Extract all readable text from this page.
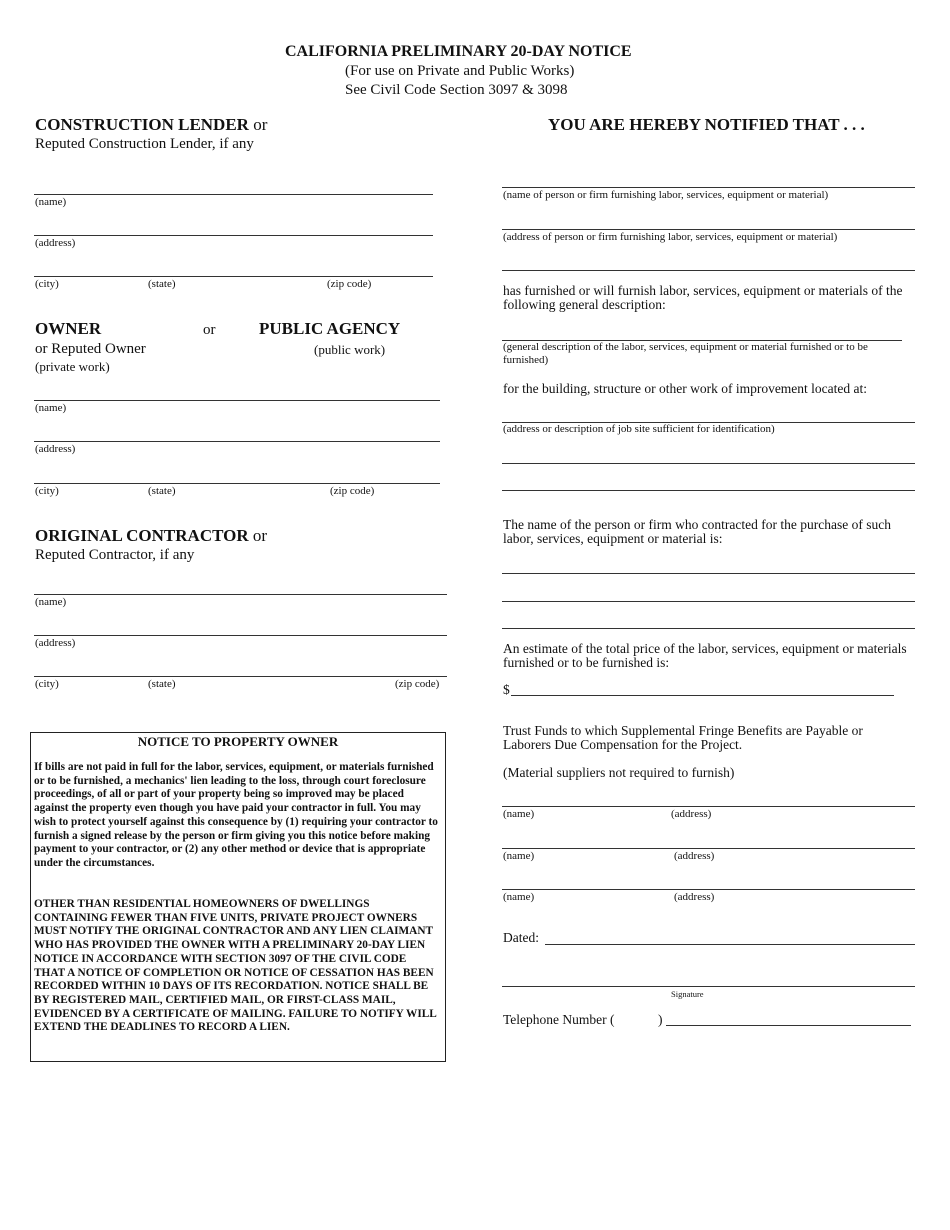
CALIFORNIA PRELIMINARY 20-DAY NOTICE
(For use on Private and Public Works)
See Civil Code Section 3097 & 3098
CONSTRUCTION LENDER or
Reputed Construction Lender, if any
(name)
(address)
(city)	(state)	(zip code)
OWNER	or	PUBLIC AGENCY
or Reputed Owner	(public work)
(private work)
(name)
(address)
(city)	(state)	(zip code)
ORIGINAL CONTRACTOR or
Reputed Contractor, if any
(name)
(address)
(city)	(state)	(zip code)
NOTICE TO PROPERTY OWNER
If bills are not paid in full for the labor, services, equipment, or materials furnished or to be furnished, a mechanics' lien leading to the loss, through court foreclosure proceedings, of all or part of your property being so improved may be placed against the property even though you have paid your contractor in full. You may wish to protect yourself against this consequence by (1) requiring your contractor to furnish a signed release by the person or firm giving you this notice before making payment to your contractor, or (2) any other method or device that is appropriate under the circumstances.
OTHER THAN RESIDENTIAL HOMEOWNERS OF DWELLINGS CONTAINING FEWER THAN FIVE UNITS, PRIVATE PROJECT OWNERS MUST NOTIFY THE ORIGINAL CONTRACTOR AND ANY LIEN CLAIMANT WHO HAS PROVIDED THE OWNER WITH A PRELIMINARY 20-DAY LIEN NOTICE IN ACCORDANCE WITH SECTION 3097 OF THE CIVIL CODE THAT A NOTICE OF COMPLETION OR NOTICE OF CESSATION HAS BEEN RECORDED WITHIN 10 DAYS OF ITS RECORDATION. NOTICE SHALL BE BY REGISTERED MAIL, CERTIFIED MAIL, OR FIRST-CLASS MAIL, EVIDENCED BY A CERTIFICATE OF MAILING. FAILURE TO NOTIFY WILL EXTEND THE DEADLINES TO RECORD A LIEN.
YOU ARE HEREBY NOTIFIED THAT . . .
(name of person or firm furnishing labor, services, equipment or material)
(address of person or firm furnishing labor, services, equipment or material)
has furnished or will furnish labor, services, equipment or materials of the following general description:
(general description of the labor, services, equipment or material furnished or to be furnished)
for the building, structure or other work of improvement located at:
(address or description of job site sufficient for identification)
The name of the person or firm who contracted for the purchase of such labor, services, equipment or material is:
An estimate of the total price of the labor, services, equipment or materials furnished or to be furnished is:
$
Trust Funds to which Supplemental Fringe Benefits are Payable or Laborers Due Compensation for the Project.
(Material suppliers not required to furnish)
(name)	(address)
(name)	(address)
(name)	(address)
Dated:
Signature
Telephone Number (	)
